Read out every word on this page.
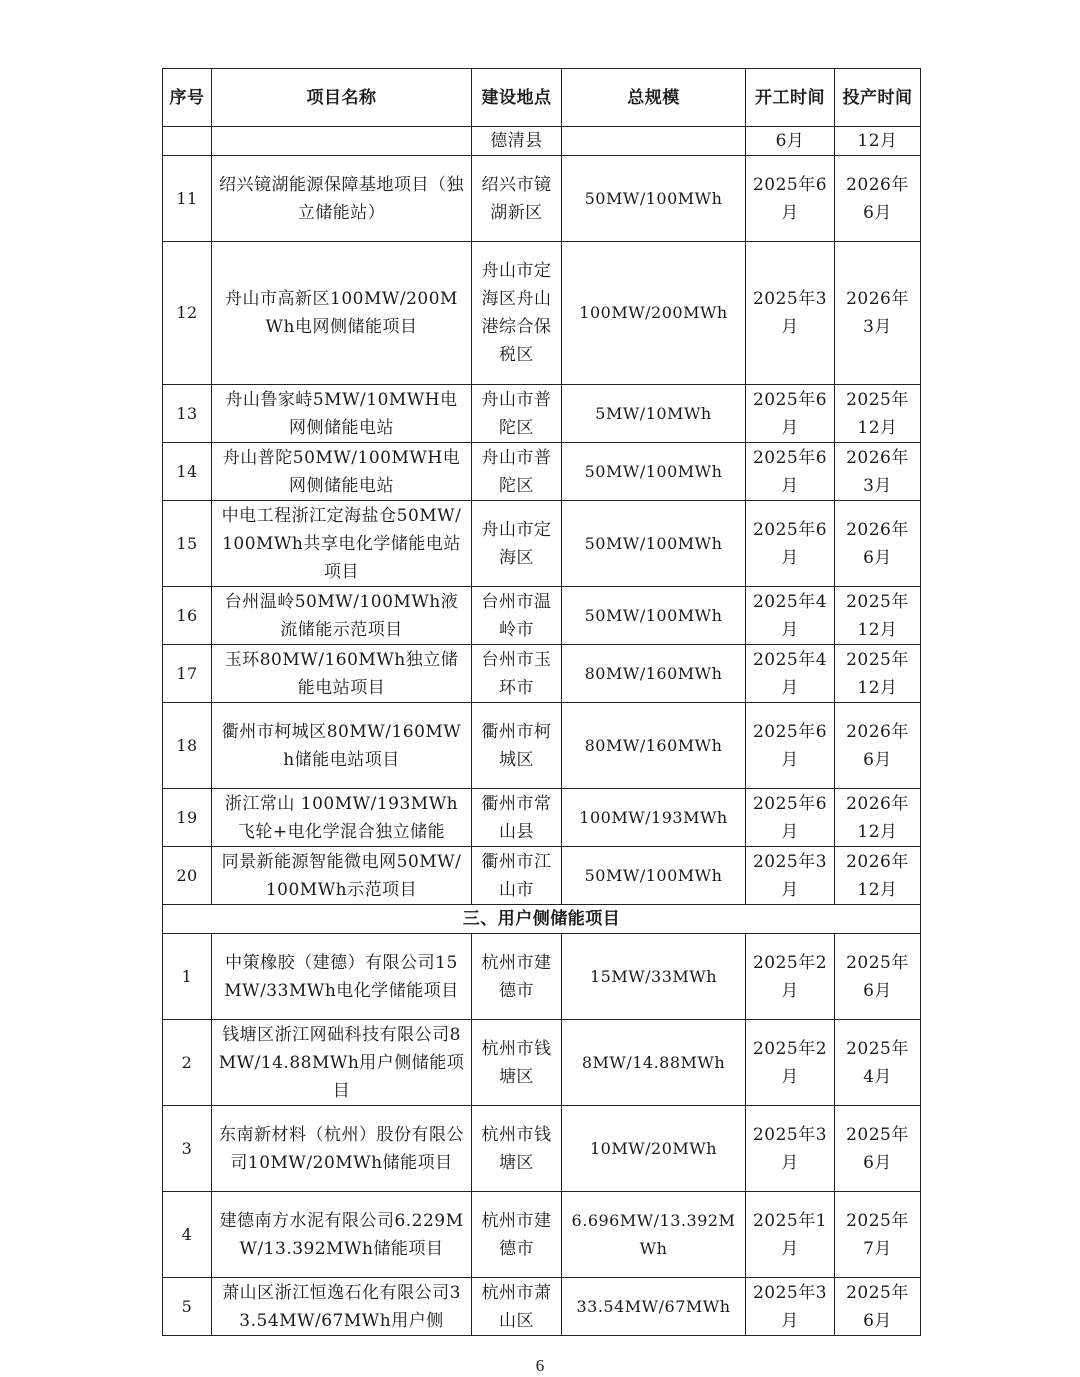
序号	项目名称	建设地点	总规模	开工时间	投产时间
		德清县		6月	12月
11	绍兴镜湖能源保障基地项目（独立储能站）	绍兴市镜湖新区	50MW/100MWh	2025年6月	2026年6月
12	舟山市高新区100MW/200MWh电网侧储能项目	舟山市定海区舟山港综合保税区	100MW/200MWh	2025年3月	2026年3月
13	舟山鲁家峙5MW/10MWH电网侧储能电站	舟山市普陀区	5MW/10MWh	2025年6月	2025年12月
14	舟山普陀50MW/100MWH电网侧储能电站	舟山市普陀区	50MW/100MWh	2025年6月	2026年3月
15	中电工程浙江定海盐仓50MW/100MWh共享电化学储能电站项目	舟山市定海区	50MW/100MWh	2025年6月	2026年6月
16	台州温岭50MW/100MWh液流储能示范项目	台州市温岭市	50MW/100MWh	2025年4月	2025年12月
17	玉环80MW/160MWh独立储能电站项目	台州市玉环市	80MW/160MWh	2025年4月	2025年12月
18	衢州市柯城区80MW/160MWh储能电站项目	衢州市柯城区	80MW/160MWh	2025年6月	2026年6月
19	浙江常山 100MW/193MWh飞轮+电化学混合独立储能	衢州市常山县	100MW/193MWh	2025年6月	2026年12月
20	同景新能源智能微电网50MW/100MWh示范项目	衢州市江山市	50MW/100MWh	2025年3月	2026年12月
三、用户侧储能项目					
1	中策橡胶（建德）有限公司15MW/33MWh电化学储能项目	杭州市建德市	15MW/33MWh	2025年2月	2025年6月
2	钱塘区浙江网础科技有限公司8MW/14.88MWh用户侧储能项目	杭州市钱塘区	8MW/14.88MWh	2025年2月	2025年4月
3	东南新材料（杭州）股份有限公司10MW/20MWh储能项目	杭州市钱塘区	10MW/20MWh	2025年3月	2025年6月
4	建德南方水泥有限公司6.229MW/13.392MWh储能项目	杭州市建德市	6.696MW/13.392MWh	2025年1月	2025年7月
5	萧山区浙江恒逸石化有限公司33.54MW/67MWh用户侧	杭州市萧山区	33.54MW/67MWh	2025年3月	2025年6月
6
